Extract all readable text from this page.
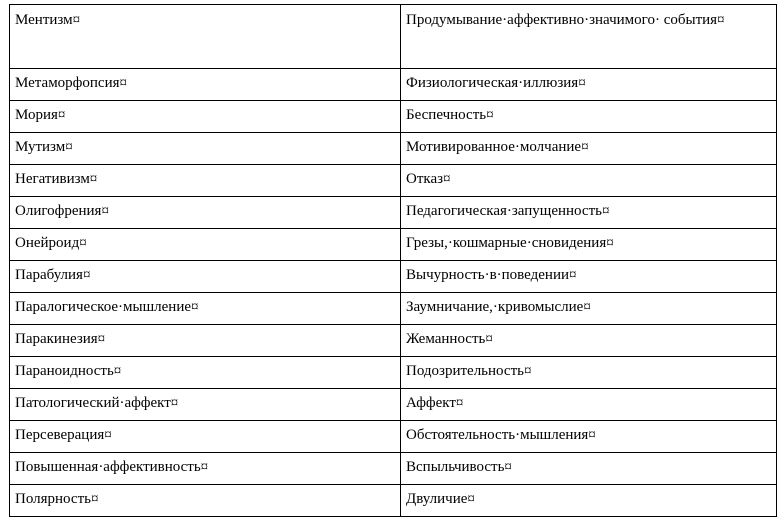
Ментизм¤	Продумывание·аффективно·значимого· события¤

Метаморфопсия¤	Физиологическая·иллюзия¤

Мория¤	Беспечность¤

Мутизм¤	Мотивированное·молчание¤

Негативизм¤	Отказ¤

Олигофрения¤	Педагогическая·запущенность¤

Онейроид¤	Грезы,·кошмарные·сновидения¤

Парабулия¤	Вычурность·в·поведении¤

Паралогическое·мышление¤	Заумничание,·кривомыслие¤

Паракинезия¤	Жеманность¤

Параноидность¤	Подозрительность¤

Патологический·аффект¤	Аффект¤

Персеверация¤	Обстоятельность·мышления¤

Повышенная·аффективность¤	Вспыльчивость¤

Полярность¤	Двуличие¤
